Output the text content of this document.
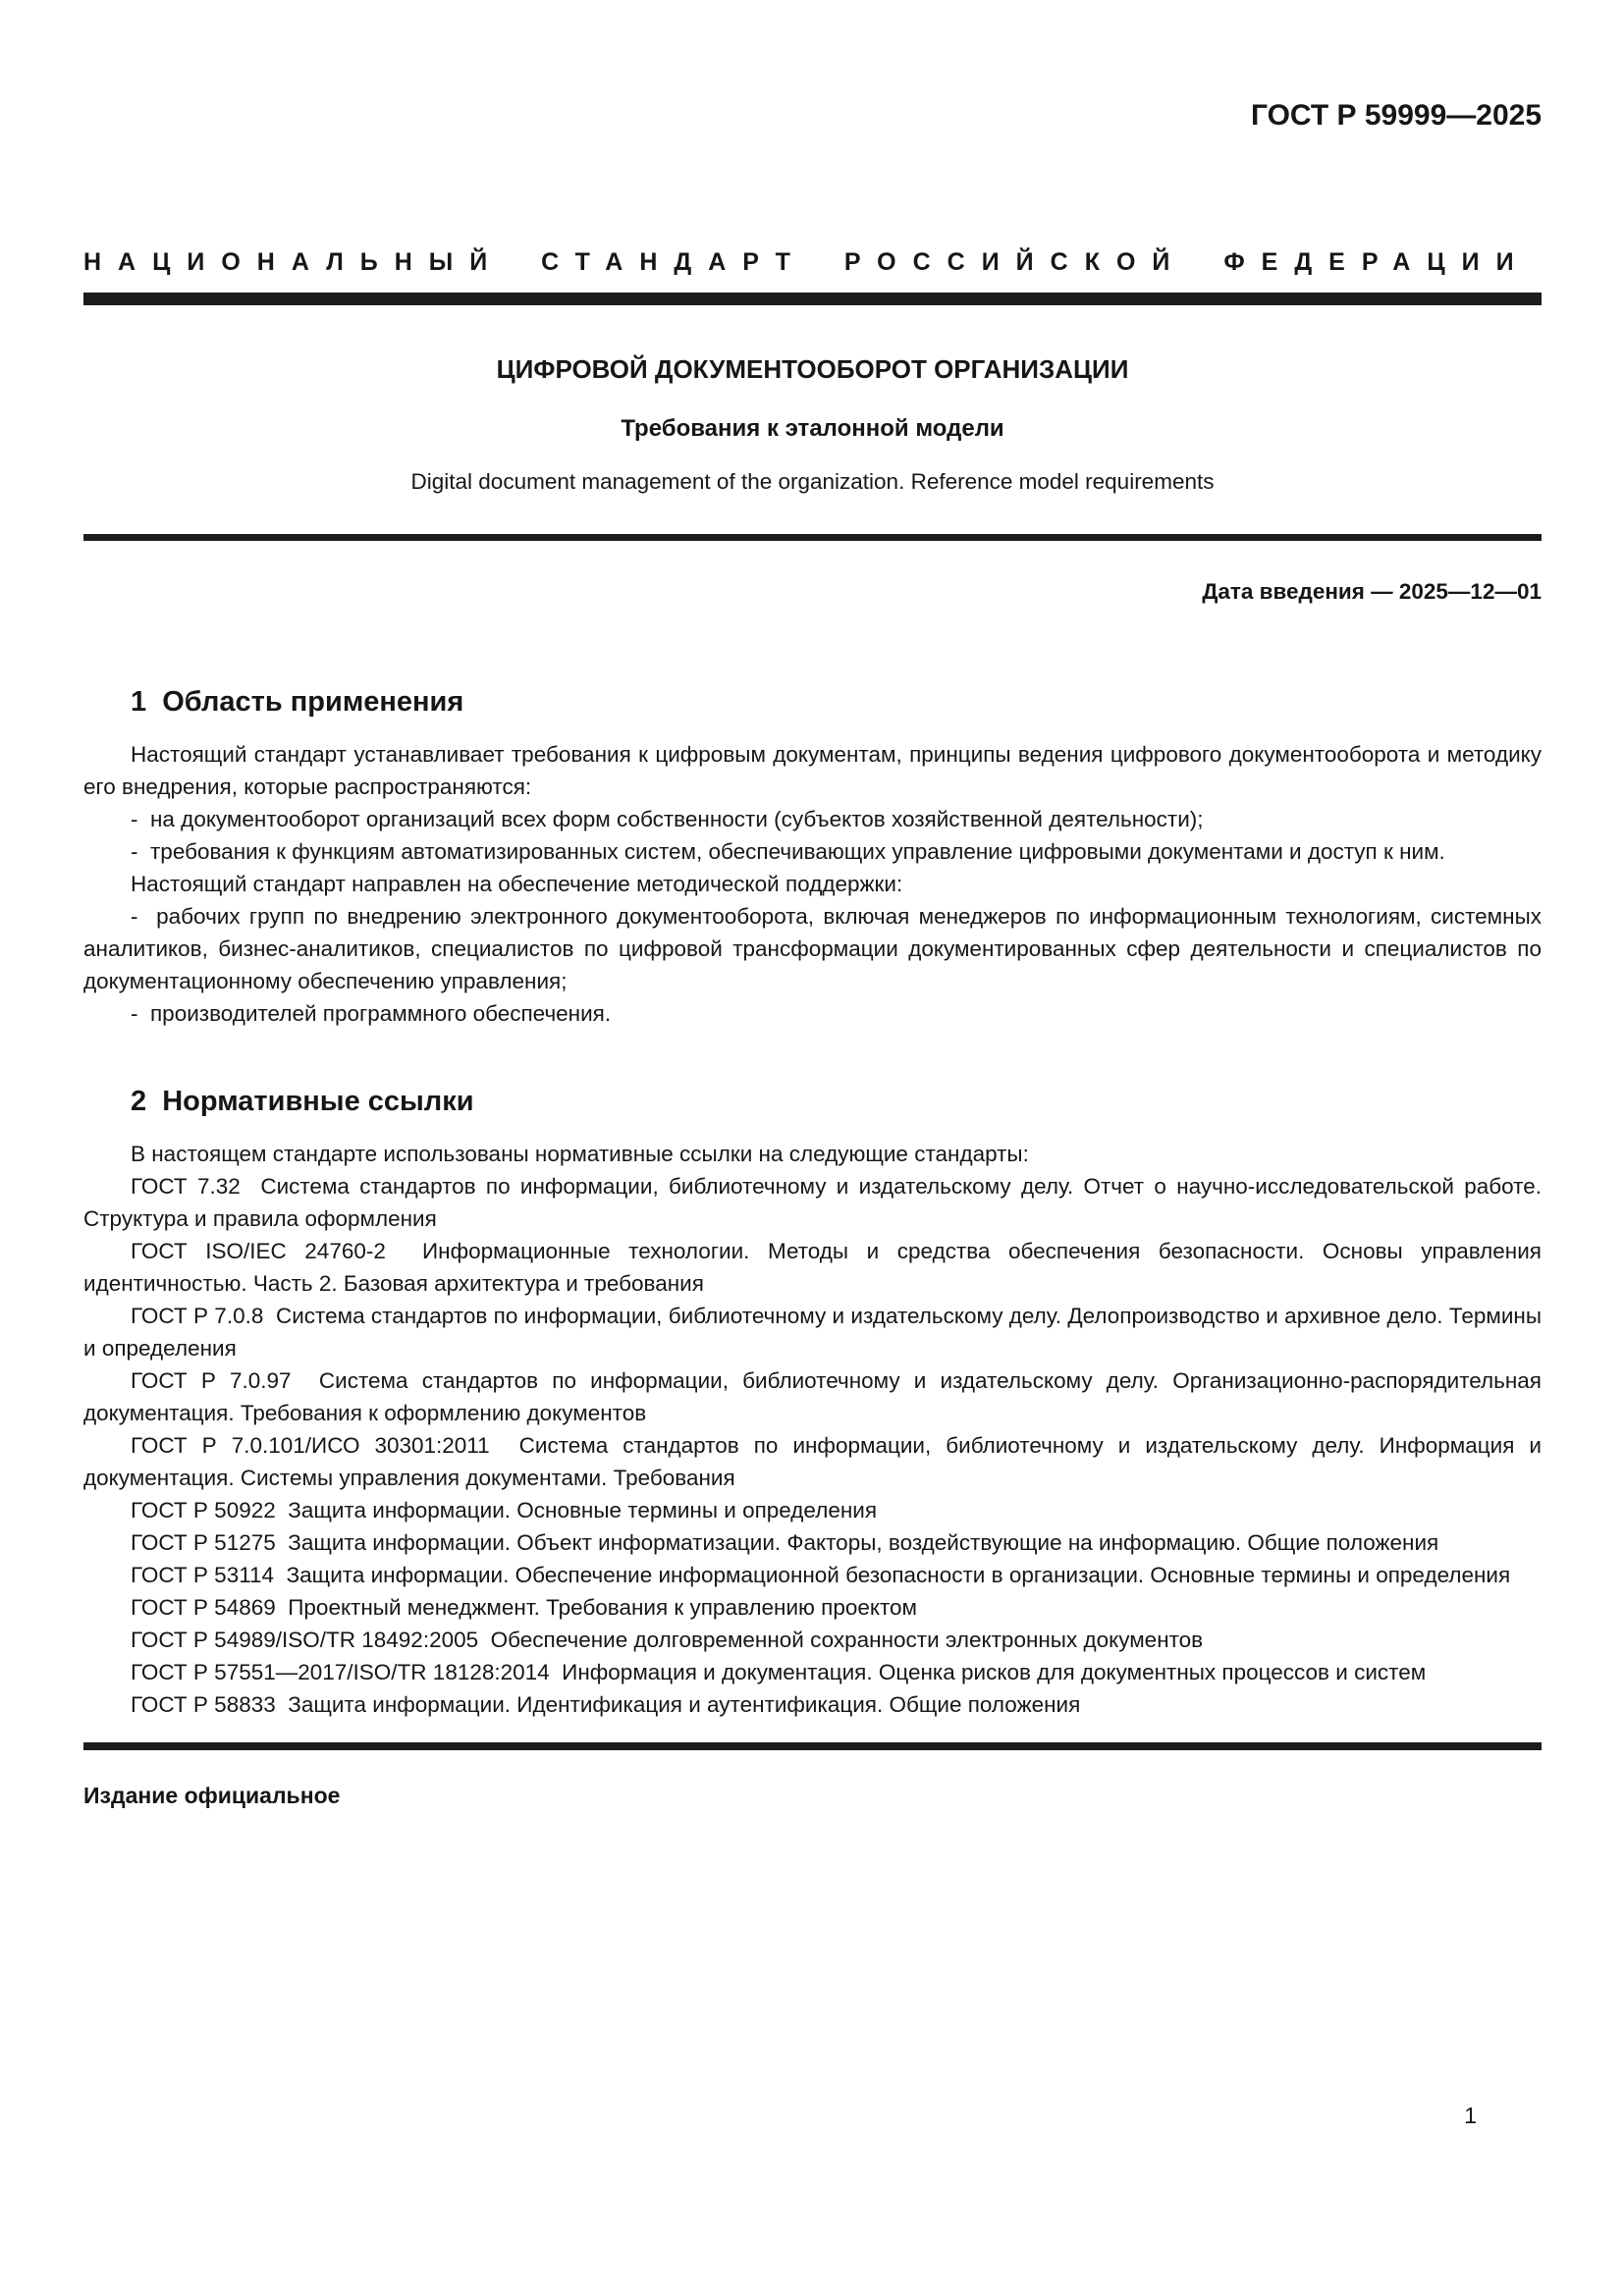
ГОСТ Р 59999—2025
НАЦИОНАЛЬНЫЙ СТАНДАРТ РОССИЙСКОЙ ФЕДЕРАЦИИ
ЦИФРОВОЙ ДОКУМЕНТООБОРОТ ОРГАНИЗАЦИИ
Требования к эталонной модели
Digital document management of the organization. Reference model requirements
Дата введения — 2025—12—01
1  Область применения

Настоящий стандарт устанавливает требования к цифровым документам, принципы ведения цифрового документооборота и методику его внедрения, которые распространяются:

-  на документооборот организаций всех форм собственности (субъектов хозяйственной деятельности);

-  требования к функциям автоматизированных систем, обеспечивающих управление цифровыми документами и доступ к ним.

Настоящий стандарт направлен на обеспечение методической поддержки:

-  рабочих групп по внедрению электронного документооборота, включая менеджеров по информационным технологиям, системных аналитиков, бизнес-аналитиков, специалистов по цифровой трансформации документированных сфер деятельности и специалистов по документационному обеспечению управления;

-  производителей программного обеспечения.

2  Нормативные ссылки

В настоящем стандарте использованы нормативные ссылки на следующие стандарты:

ГОСТ 7.32  Система стандартов по информации, библиотечному и издательскому делу. Отчет о научно-исследовательской работе. Структура и правила оформления

ГОСТ ISO/IEC 24760-2  Информационные технологии. Методы и средства обеспечения безопасности. Основы управления идентичностью. Часть 2. Базовая архитектура и требования

ГОСТ Р 7.0.8  Система стандартов по информации, библиотечному и издательскому делу. Делопроизводство и архивное дело. Термины и определения

ГОСТ Р 7.0.97  Система стандартов по информации, библиотечному и издательскому делу. Организационно-распорядительная документация. Требования к оформлению документов

ГОСТ Р 7.0.101/ИСО 30301:2011  Система стандартов по информации, библиотечному и издательскому делу. Информация и документация. Системы управления документами. Требования

ГОСТ Р 50922  Защита информации. Основные термины и определения

ГОСТ Р 51275  Защита информации. Объект информатизации. Факторы, воздействующие на информацию. Общие положения

ГОСТ Р 53114  Защита информации. Обеспечение информационной безопасности в организации. Основные термины и определения

ГОСТ Р 54869  Проектный менеджмент. Требования к управлению проектом

ГОСТ Р 54989/ISO/TR 18492:2005  Обеспечение долговременной сохранности электронных документов

ГОСТ Р 57551—2017/ISO/TR 18128:2014  Информация и документация. Оценка рисков для документных процессов и систем

ГОСТ Р 58833  Защита информации. Идентификация и аутентификация. Общие положения

Издание официальное
1
